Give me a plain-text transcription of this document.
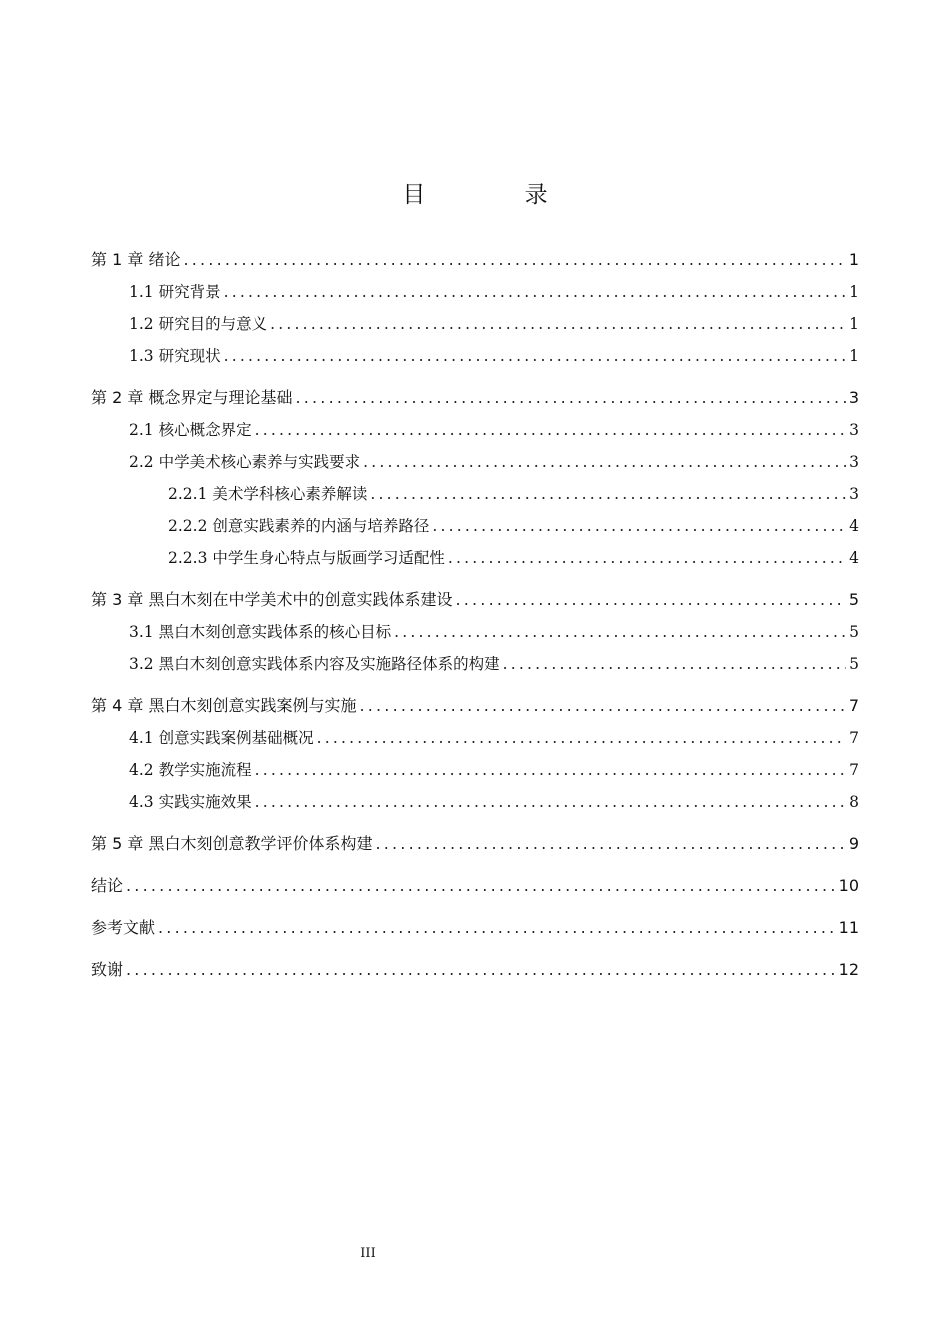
目 录
第 1 章 绪论 .....	1
1.1 研究背景 .....	1
1.2 研究目的与意义 .....	1
1.3 研究现状 .....	1
第 2 章 概念界定与理论基础 .....	3
2.1 核心概念界定 .....	3
2.2 中学美术核心素养与实践要求 .....	3
2.2.1 美术学科核心素养解读 .....	3
2.2.2 创意实践素养的内涵与培养路径 .....	4
2.2.3 中学生身心特点与版画学习适配性 .....	4
第 3 章 黑白木刻在中学美术中的创意实践体系建设 .....	5
3.1 黑白木刻创意实践体系的核心目标 .....	5
3.2 黑白木刻创意实践体系内容及实施路径体系的构建 .....	5
第 4 章 黑白木刻创意实践案例与实施 .....	7
4.1 创意实践案例基础概况 .....	7
4.2 教学实施流程 .....	7
4.3 实践实施效果 .....	8
第 5 章 黑白木刻创意教学评价体系构建 .....	9
结论 .....	10
参考文献 .....	11
致谢 .....	12
III
